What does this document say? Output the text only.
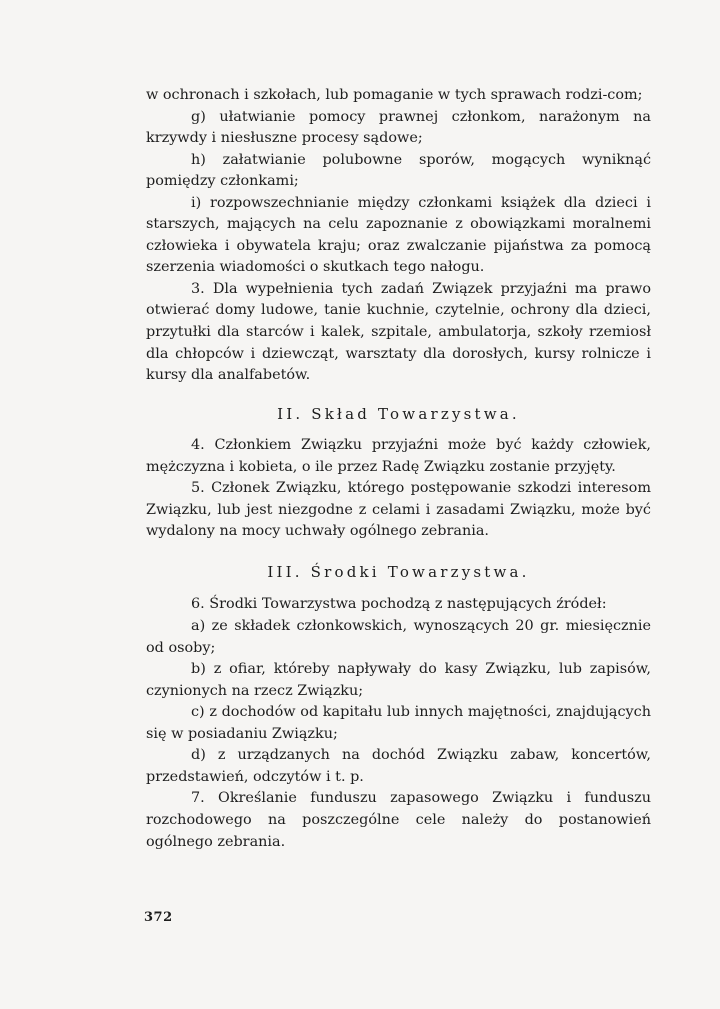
w ochronach i szkołach, lub pomaganie w tych sprawach rodzi-com;

g) ułatwianie pomocy prawnej członkom, narażonym na krzywdy i niesłuszne procesy sądowe;

h) załatwianie polubowne sporów, mogących wyniknąć pomiędzy członkami;

i) rozpowszechnianie między członkami książek dla dzieci i starszych, mających na celu zapoznanie z obowiązkami moralnemi człowieka i obywatela kraju; oraz zwalczanie pijaństwa za pomocą szerzenia wiadomości o skutkach tego nałogu.

3. Dla wypełnienia tych zadań Związek przyjaźni ma prawo otwierać domy ludowe, tanie kuchnie, czytelnie, ochrony dla dzieci, przytułki dla starców i kalek, szpitale, ambulatorja, szkoły rzemiosł dla chłopców i dziewcząt, warsztaty dla dorosłych, kursy rolnicze i kursy dla analfabetów.

II. Skład Towarzystwa.

4. Członkiem Związku przyjaźni może być każdy człowiek, mężczyzna i kobieta, o ile przez Radę Związku zostanie przyjęty.

5. Członek Związku, którego postępowanie szkodzi interesom Związku, lub jest niezgodne z celami i zasadami Związku, może być wydalony na mocy uchwały ogólnego zebrania.

III. Środki Towarzystwa.

6. Środki Towarzystwa pochodzą z następujących źródeł:

a) ze składek członkowskich, wynoszących 20 gr. miesięcznie od osoby;

b) z ofiar, któreby napływały do kasy Związku, lub zapisów, czynionych na rzecz Związku;

c) z dochodów od kapitału lub innych majętności, znajdujących się w posiadaniu Związku;

d) z urządzanych na dochód Związku zabaw, koncertów, przedstawień, odczytów i t. p.

7. Określanie funduszu zapasowego Związku i funduszu rozchodowego na poszczególne cele należy do postanowień ogólnego zebrania.

372
